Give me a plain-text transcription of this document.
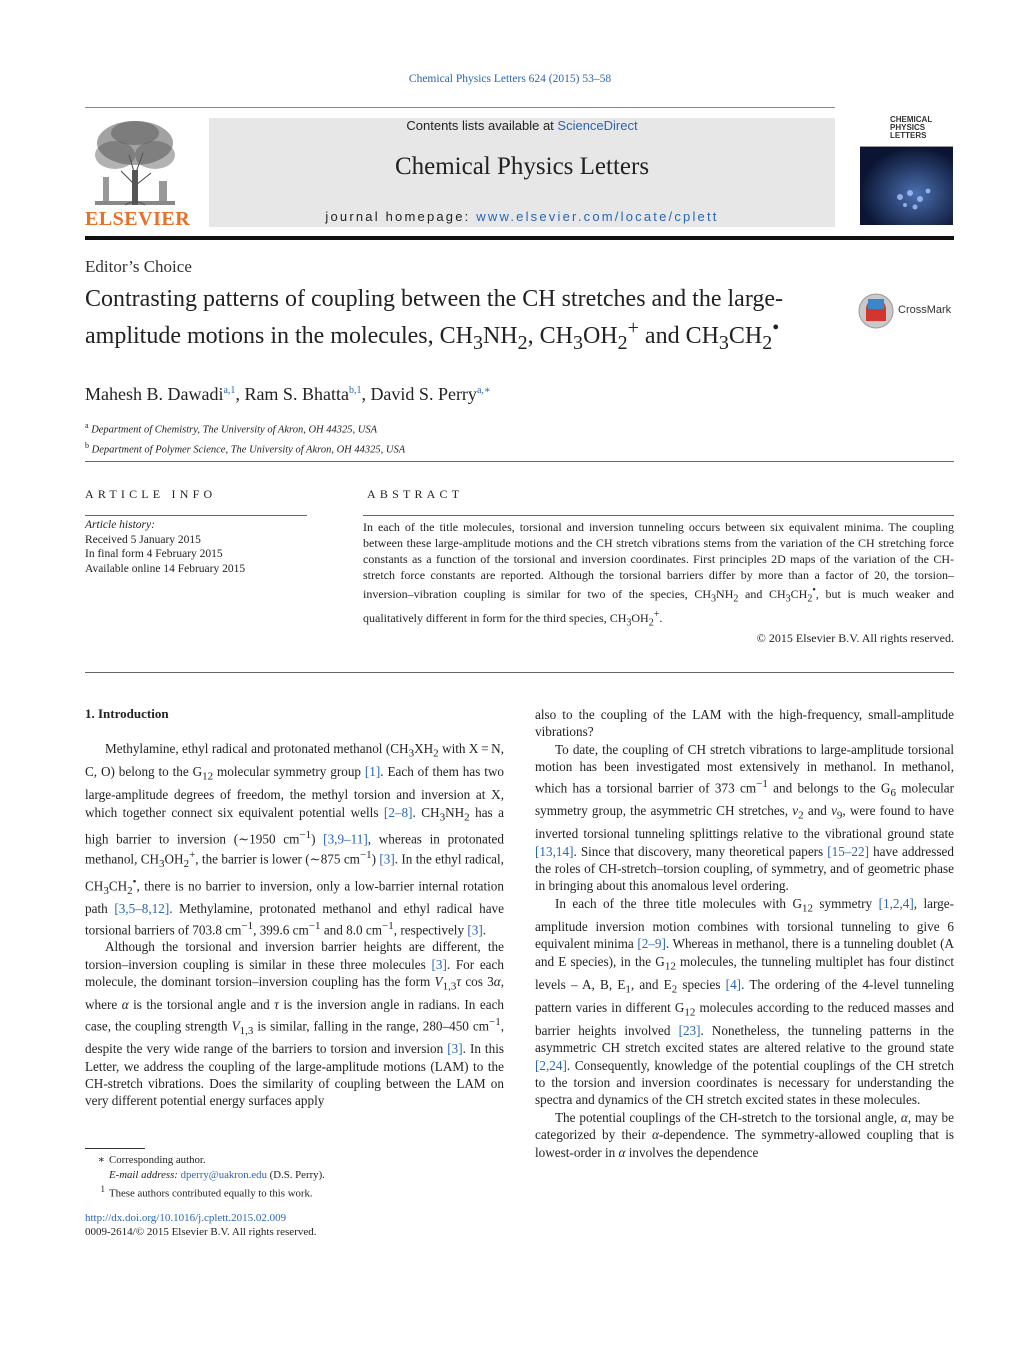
Chemical Physics Letters 624 (2015) 53–58
ELSEVIER
Contents lists available at ScienceDirect
Chemical Physics Letters
journal homepage: www.elsevier.com/locate/cplett
CHEMICAL PHYSICS LETTERS
Editor’s Choice
Contrasting patterns of coupling between the CH stretches and the large-amplitude motions in the molecules, $CH_3NH_2$, $CH_3OH_2^+$ and $CH_3CH_2^•$
CrossMark
Mahesh B. Dawadi$^{a,1}$, Ram S. Bhatta$^{b,1}$, David S. Perry$^{a,∗}$
$^a$ Department of Chemistry, The University of Akron, OH 44325, USA
$^b$ Department of Polymer Science, The University of Akron, OH 44325, USA
ARTICLE INFO	ABSTRACT
Article history:
Received 5 January 2015
In final form 4 February 2015
Available online 14 February 2015
In each of the title molecules, torsional and inversion tunneling occurs between six equivalent minima. The coupling between these large-amplitude motions and the CH stretch vibrations stems from the variation of the CH stretching force constants as a function of the torsional and inversion coordinates. First principles 2D maps of the variation of the CH-stretch force constants are reported. Although the torsional barriers differ by more than a factor of 20, the torsion–inversion–vibration coupling is similar for two of the species, $CH_3NH_2$ and $CH_3CH_2^•$, but is much weaker and qualitatively different in form for the third species, $CH_3OH_2^+$.
© 2015 Elsevier B.V. All rights reserved.
1. Introduction

Methylamine, ethyl radical and protonated methanol ($CH_3XH_2$ with X = N, C, O) belong to the $G_{12}$ molecular symmetry group [1]. Each of them has two large-amplitude degrees of freedom, the methyl torsion and inversion at X, which together connect six equivalent potential wells [2–8]. $CH_3NH_2$ has a high barrier to inversion (∼1950 $cm^{-1}$) [3,9–11], whereas in protonated methanol, $CH_3OH_2^+$, the barrier is lower (∼875 $cm^{-1}$) [3]. In the ethyl radical, $CH_3CH_2^•$, there is no barrier to inversion, only a low-barrier internal rotation path [3,5–8,12]. Methylamine, protonated methanol and ethyl radical have torsional barriers of 703.8 $cm^{-1}$, 399.6 $cm^{-1}$ and 8.0 $cm^{-1}$, respectively [3].

Although the torsional and inversion barrier heights are different, the torsion–inversion coupling is similar in these three molecules [3]. For each molecule, the dominant torsion–inversion coupling has the form $V_{1,3}\tau$ cos 3α, where α is the torsional angle and τ is the inversion angle in radians. In each case, the coupling strength $V_{1,3}$ is similar, falling in the range, 280–450 $cm^{-1}$, despite the very wide range of the barriers to torsion and inversion [3]. In this Letter, we address the coupling of the large-amplitude motions (LAM) to the CH-stretch vibrations. Does the similarity of coupling between the LAM on very different potential energy surfaces apply

also to the coupling of the LAM with the high-frequency, small-amplitude vibrations?

To date, the coupling of CH stretch vibrations to large-amplitude torsional motion has been investigated most extensively in methanol. In methanol, which has a torsional barrier of 373 $cm^{-1}$ and belongs to the $G_6$ molecular symmetry group, the asymmetric CH stretches, $\nu_2$ and $\nu_9$, were found to have inverted torsional tunneling splittings relative to the vibrational ground state [13,14]. Since that discovery, many theoretical papers [15–22] have addressed the roles of CH-stretch–torsion coupling, of symmetry, and of geometric phase in bringing about this anomalous level ordering.

In each of the three title molecules with $G_{12}$ symmetry [1,2,4], large-amplitude inversion motion combines with torsional tunneling to give 6 equivalent minima [2–9]. Whereas in methanol, there is a tunneling doublet (A and E species), in the $G_{12}$ molecules, the tunneling multiplet has four distinct levels – A, B, $E_1$, and $E_2$ species [4]. The ordering of the 4-level tunneling pattern varies in different $G_{12}$ molecules according to the reduced masses and barrier heights involved [23]. Nonetheless, the tunneling patterns in the asymmetric CH stretch excited states are altered relative to the ground state [2,24]. Consequently, knowledge of the potential couplings of the CH stretch to the torsion and inversion coordinates is necessary for understanding the spectra and dynamics of the CH stretch excited states in these molecules.

The potential couplings of the CH-stretch to the torsional angle, α, may be categorized by their α-dependence. The symmetry-allowed coupling that is lowest-order in α involves the dependence

∗ Corresponding author.
E-mail address: dperry@uakron.edu (D.S. Perry).
$^1$ These authors contributed equally to this work.
http://dx.doi.org/10.1016/j.cplett.2015.02.009
0009-2614/© 2015 Elsevier B.V. All rights reserved.
